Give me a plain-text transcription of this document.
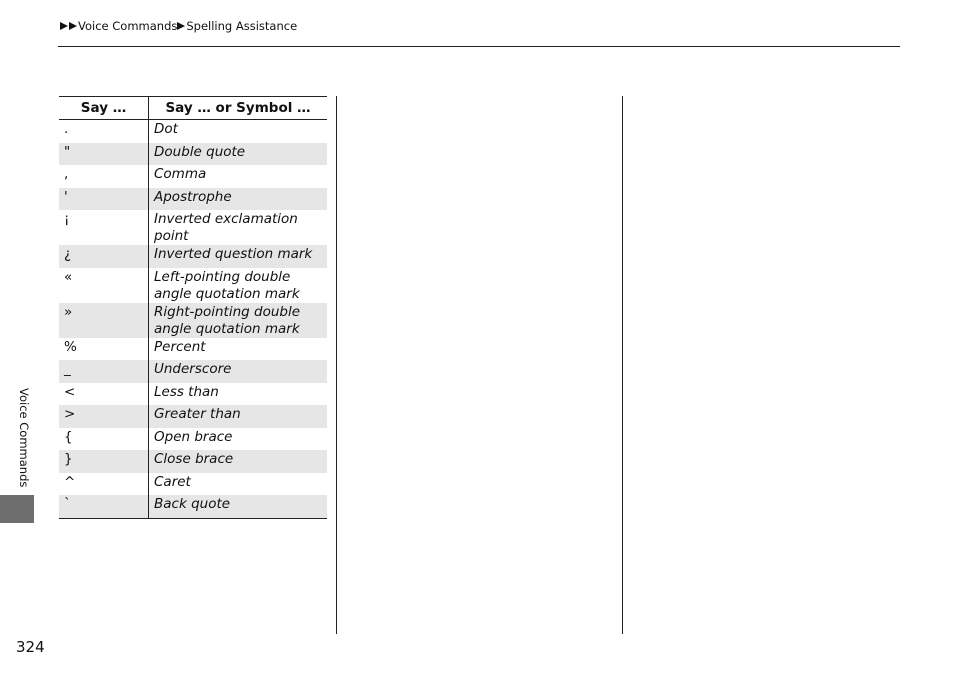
Voice Commands Spelling Assistance
Say …	Say … or Symbol …
.	Dot
"	Double quote
,	Comma
'	Apostrophe
¡	Inverted exclamation point
¿	Inverted question mark
«	Left-pointing double angle quotation mark
»	Right-pointing double angle quotation mark
%	Percent
_	Underscore
<	Less than
>	Greater than
{	Open brace
}	Close brace
^	Caret
`	Back quote
Voice Commands
324
